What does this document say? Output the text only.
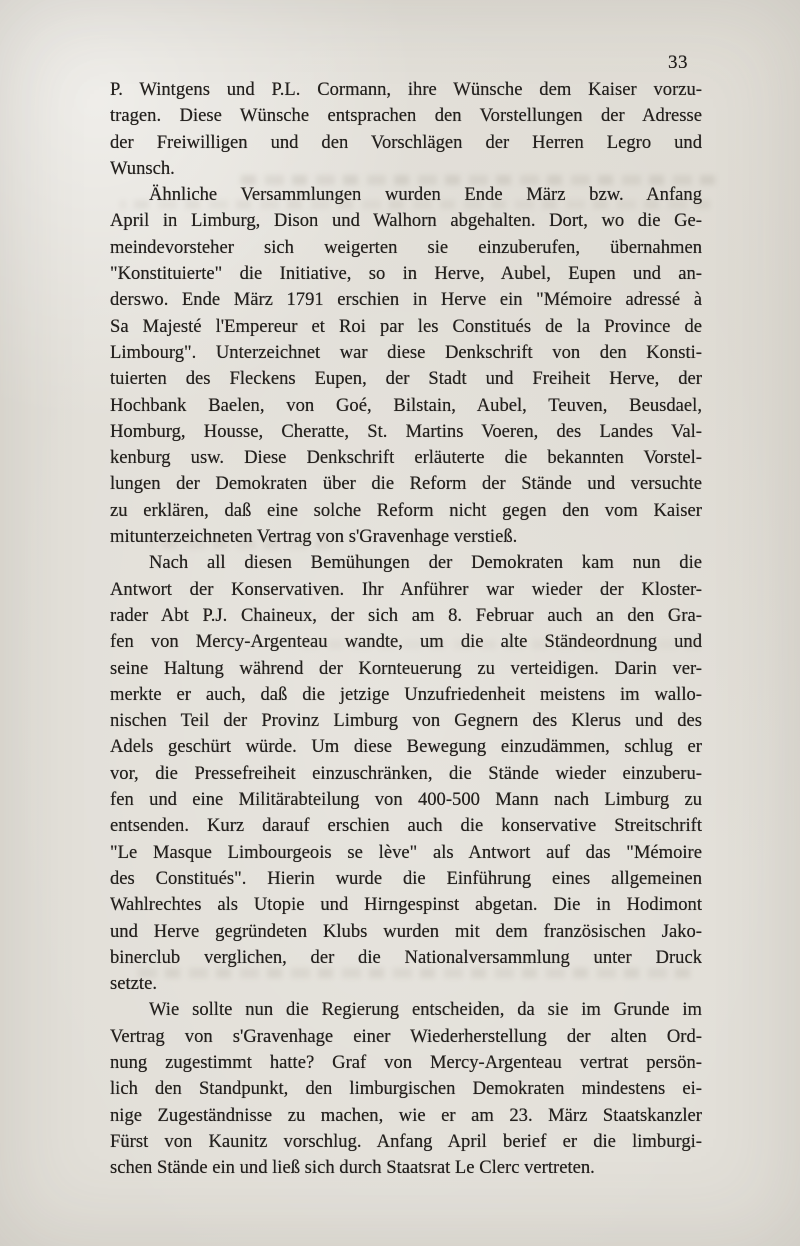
33
P. Wintgens und P.L. Cormann, ihre Wünsche dem Kaiser vorzu-
tragen. Diese Wünsche entsprachen den Vorstellungen der Adresse
der Freiwilligen und den Vorschlägen der Herren Legro und
Wunsch.
Ähnliche Versammlungen wurden Ende März bzw. Anfang
April in Limburg, Dison und Walhorn abgehalten. Dort, wo die Ge-
meindevorsteher sich weigerten sie einzuberufen, übernahmen
"Konstituierte" die Initiative, so in Herve, Aubel, Eupen und an-
derswo. Ende März 1791 erschien in Herve ein "Mémoire adressé à
Sa Majesté l'Empereur et Roi par les Constitués de la Province de
Limbourg". Unterzeichnet war diese Denkschrift von den Konsti-
tuierten des Fleckens Eupen, der Stadt und Freiheit Herve, der
Hochbank Baelen, von Goé, Bilstain, Aubel, Teuven, Beusdael,
Homburg, Housse, Cheratte, St. Martins Voeren, des Landes Val-
kenburg usw. Diese Denkschrift erläuterte die bekannten Vorstel-
lungen der Demokraten über die Reform der Stände und versuchte
zu erklären, daß eine solche Reform nicht gegen den vom Kaiser
mitunterzeichneten Vertrag von s'Gravenhage verstieß.
Nach all diesen Bemühungen der Demokraten kam nun die
Antwort der Konservativen. Ihr Anführer war wieder der Kloster-
rader Abt P.J. Chaineux, der sich am 8. Februar auch an den Gra-
fen von Mercy-Argenteau wandte, um die alte Ständeordnung und
seine Haltung während der Kornteuerung zu verteidigen. Darin ver-
merkte er auch, daß die jetzige Unzufriedenheit meistens im wallo-
nischen Teil der Provinz Limburg von Gegnern des Klerus und des
Adels geschürt würde. Um diese Bewegung einzudämmen, schlug er
vor, die Pressefreiheit einzuschränken, die Stände wieder einzuberu-
fen und eine Militärabteilung von 400-500 Mann nach Limburg zu
entsenden. Kurz darauf erschien auch die konservative Streitschrift
"Le Masque Limbourgeois se lève" als Antwort auf das "Mémoire
des Constitués". Hierin wurde die Einführung eines allgemeinen
Wahlrechtes als Utopie und Hirngespinst abgetan. Die in Hodimont
und Herve gegründeten Klubs wurden mit dem französischen Jako-
binerclub verglichen, der die Nationalversammlung unter Druck
setzte.
Wie sollte nun die Regierung entscheiden, da sie im Grunde im
Vertrag von s'Gravenhage einer Wiederherstellung der alten Ord-
nung zugestimmt hatte? Graf von Mercy-Argenteau vertrat persön-
lich den Standpunkt, den limburgischen Demokraten mindestens ei-
nige Zugeständnisse zu machen, wie er am 23. März Staatskanzler
Fürst von Kaunitz vorschlug. Anfang April berief er die limburgi-
schen Stände ein und ließ sich durch Staatsrat Le Clerc vertreten.
